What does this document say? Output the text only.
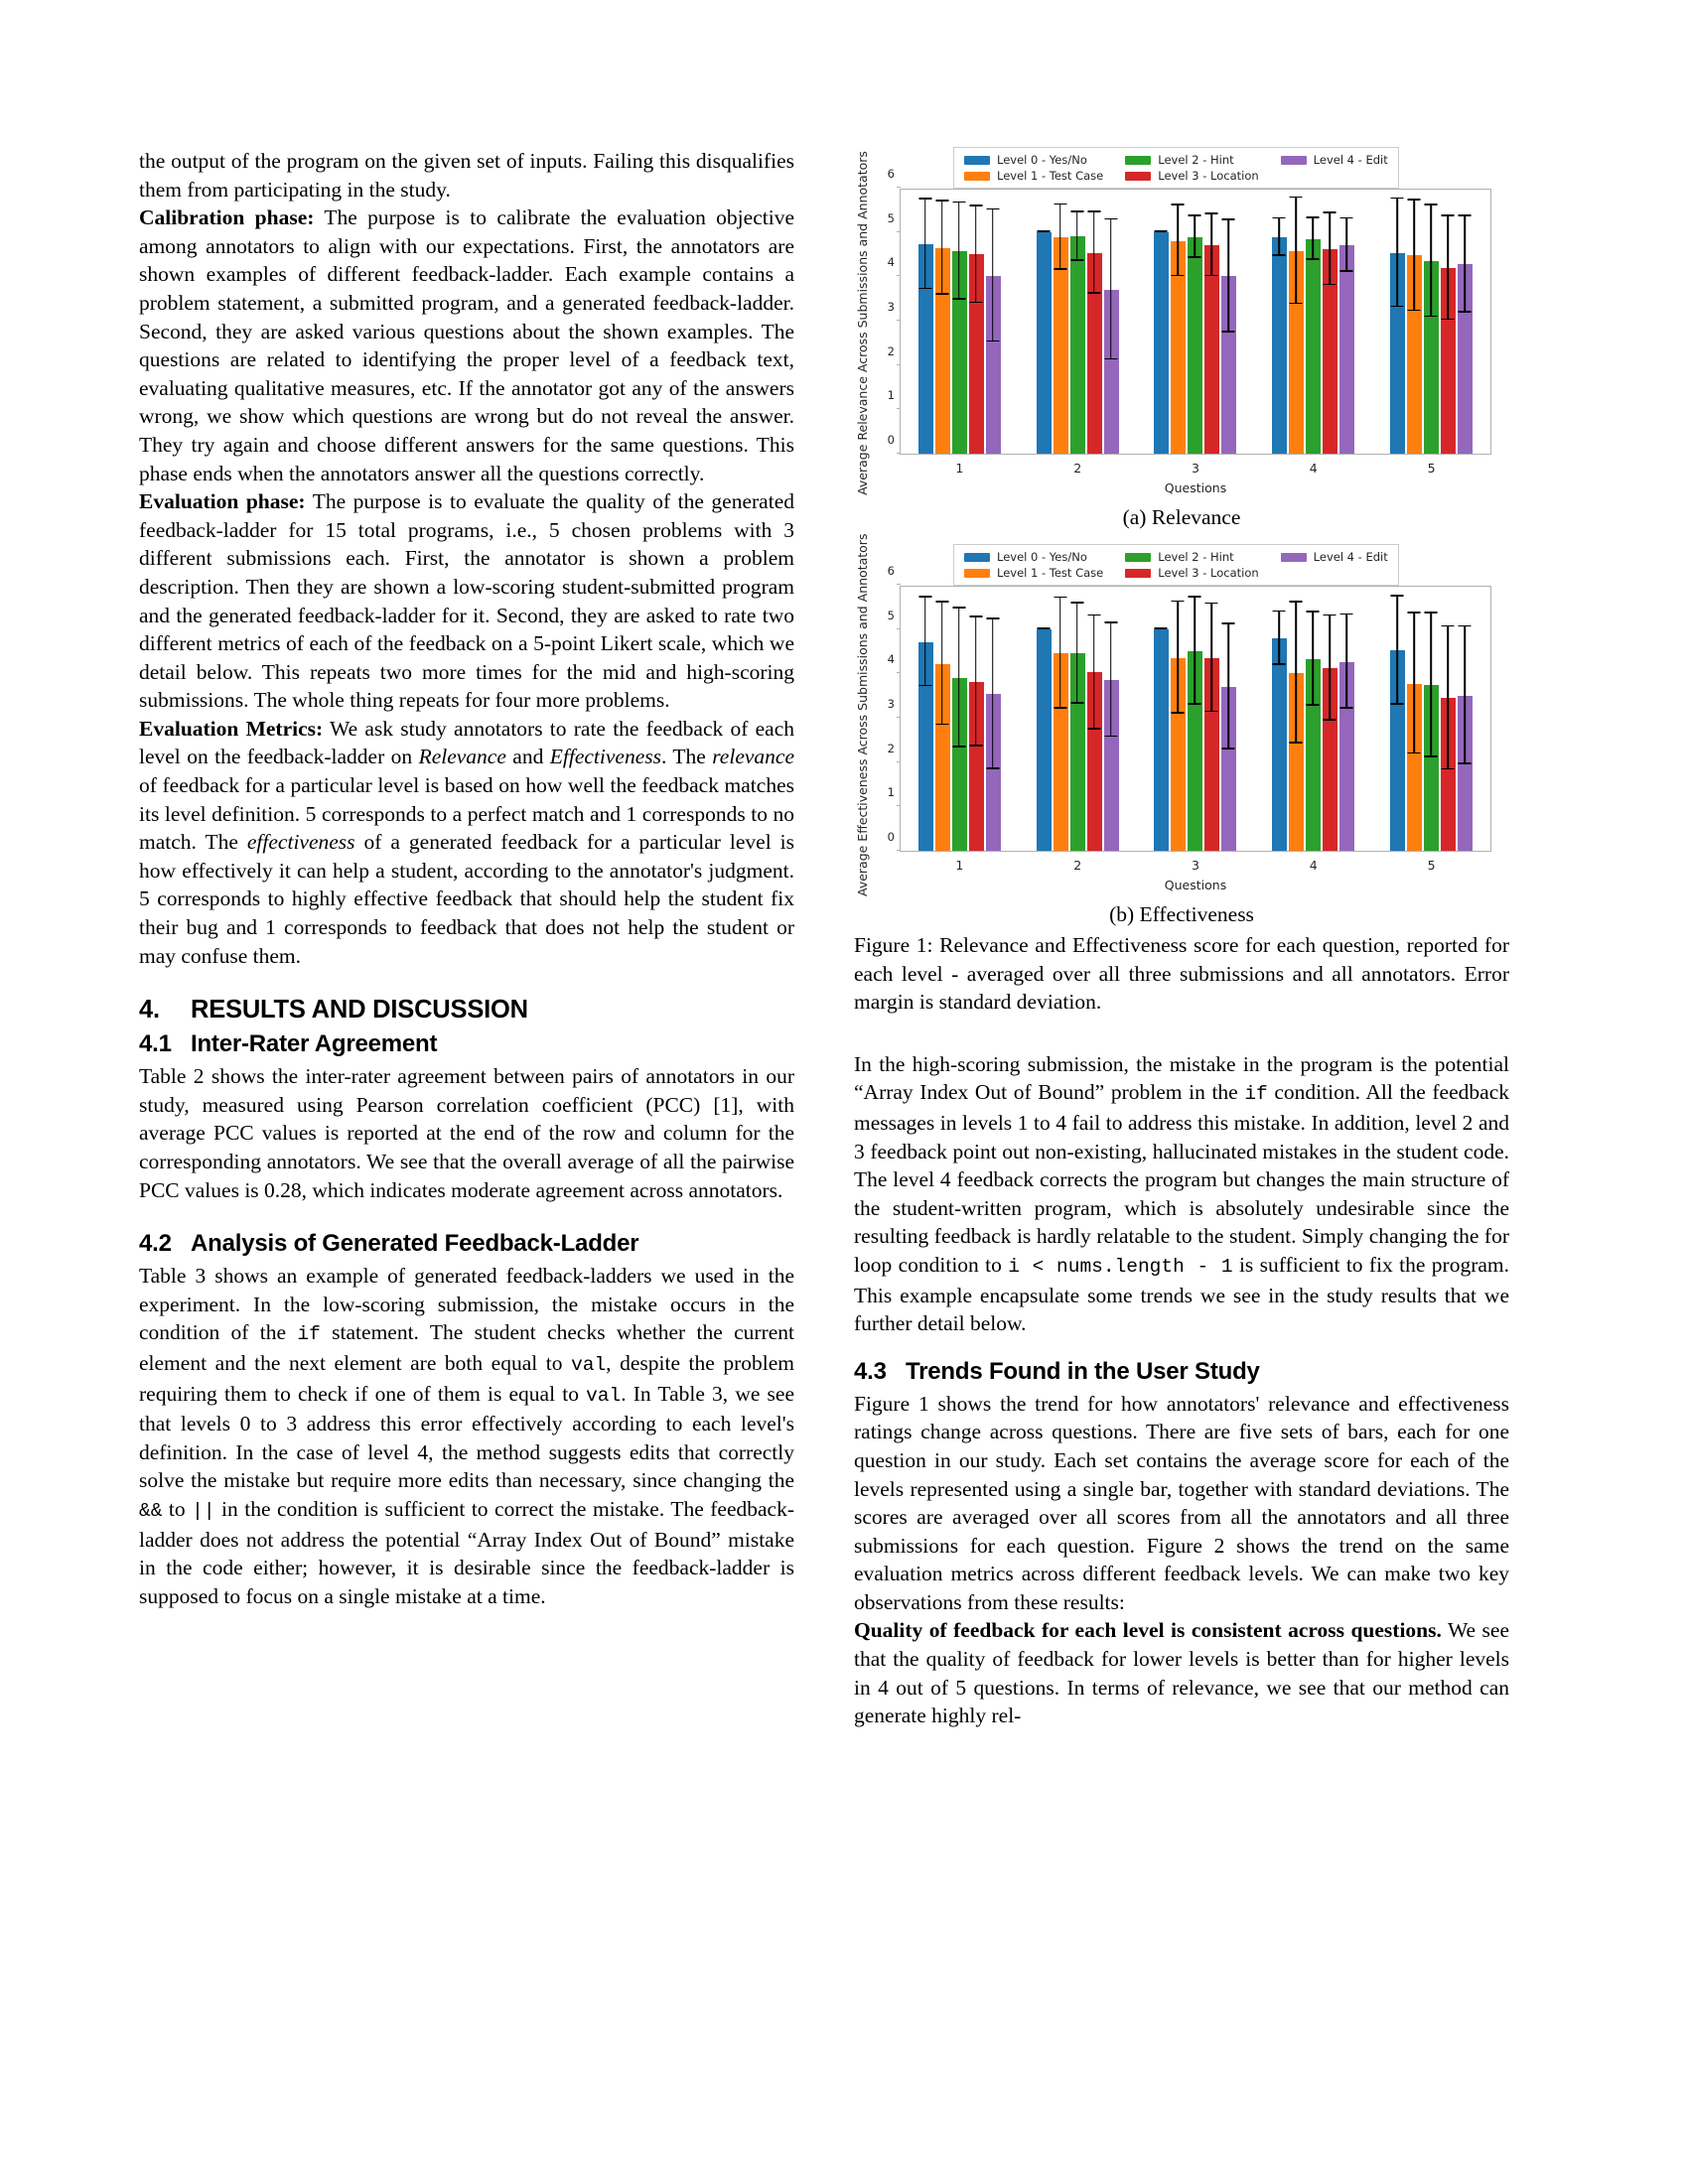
the output of the program on the given set of inputs. Failing this disqualifies them from participating in the study.

Calibration phase: The purpose is to calibrate the evaluation objective among annotators to align with our expectations. First, the annotators are shown examples of different feedback-ladder. Each example contains a problem statement, a submitted program, and a generated feedback-ladder. Second, they are asked various questions about the shown examples. The questions are related to identifying the proper level of a feedback text, evaluating qualitative measures, etc. If the annotator got any of the answers wrong, we show which questions are wrong but do not reveal the answer. They try again and choose different answers for the same questions. This phase ends when the annotators answer all the questions correctly.

Evaluation phase: The purpose is to evaluate the quality of the generated feedback-ladder for 15 total programs, i.e., 5 chosen problems with 3 different submissions each. First, the annotator is shown a problem description. Then they are shown a low-scoring student-submitted program and the generated feedback-ladder for it. Second, they are asked to rate two different metrics of each of the feedback on a 5-point Likert scale, which we detail below. This repeats two more times for the mid and high-scoring submissions. The whole thing repeats for four more problems.

Evaluation Metrics: We ask study annotators to rate the feedback of each level on the feedback-ladder on Relevance and Effectiveness. The relevance of feedback for a particular level is based on how well the feedback matches its level definition. 5 corresponds to a perfect match and 1 corresponds to no match. The effectiveness of a generated feedback for a particular level is how effectively it can help a student, according to the annotator's judgment. 5 corresponds to highly effective feedback that should help the student fix their bug and 1 corresponds to feedback that does not help the student or may confuse them.

4. RESULTS AND DISCUSSION
4.1 Inter-Rater Agreement

Table 2 shows the inter-rater agreement between pairs of annotators in our study, measured using Pearson correlation coefficient (PCC) [1], with average PCC values is reported at the end of the row and column for the corresponding annotators. We see that the overall average of all the pairwise PCC values is 0.28, which indicates moderate agreement across annotators.

4.2 Analysis of Generated Feedback-Ladder

Table 3 shows an example of generated feedback-ladders we used in the experiment. In the low-scoring submission, the mistake occurs in the condition of the if statement. The student checks whether the current element and the next element are both equal to val, despite the problem requiring them to check if one of them is equal to val. In Table 3, we see that levels 0 to 3 address this error effectively according to each level's definition. In the case of level 4, the method suggests edits that correctly solve the mistake but require more edits than necessary, since changing the && to || in the condition is sufficient to correct the mistake. The feedback-ladder does not address the potential “Array Index Out of Bound” mistake in the code either; however, it is desirable since the feedback-ladder is supposed to focus on a single mistake at a time.

Average Relevance Across Submissions and Annotators	Level 0 - Yes/No	Level 2 - Hint	Level 4 - Edit
Level 1 - Test Case	Level 3 - Location
1	2	3	4	5
0
1
2
3
4
5
6
Questions
(a) Relevance
Average Effectiveness Across Submissions and Annotators	Level 0 - Yes/No	Level 2 - Hint	Level 4 - Edit
Level 1 - Test Case	Level 3 - Location
1	2	3	4	5
0
1
2
3
4
5
6
Questions
(b) Effectiveness
Figure 1: Relevance and Effectiveness score for each question, reported for each level - averaged over all three submissions and all annotators. Error margin is standard deviation.

In the high-scoring submission, the mistake in the program is the potential “Array Index Out of Bound” problem in the if condition. All the feedback messages in levels 1 to 4 fail to address this mistake. In addition, level 2 and 3 feedback point out non-existing, hallucinated mistakes in the student code. The level 4 feedback corrects the program but changes the main structure of the student-written program, which is absolutely undesirable since the resulting feedback is hardly relatable to the student. Simply changing the for loop condition to i < nums.length - 1 is sufficient to fix the program. This example encapsulate some trends we see in the study results that we further detail below.

4.3 Trends Found in the User Study

Figure 1 shows the trend for how annotators' relevance and effectiveness ratings change across questions. There are five sets of bars, each for one question in our study. Each set contains the average score for each of the levels represented using a single bar, together with standard deviations. The scores are averaged over all scores from all the annotators and all three submissions for each question. Figure 2 shows the trend on the same evaluation metrics across different feedback levels. We can make two key observations from these results:

Quality of feedback for each level is consistent across questions. We see that the quality of feedback for lower levels is better than for higher levels in 4 out of 5 questions. In terms of relevance, we see that our method can generate highly rel-
